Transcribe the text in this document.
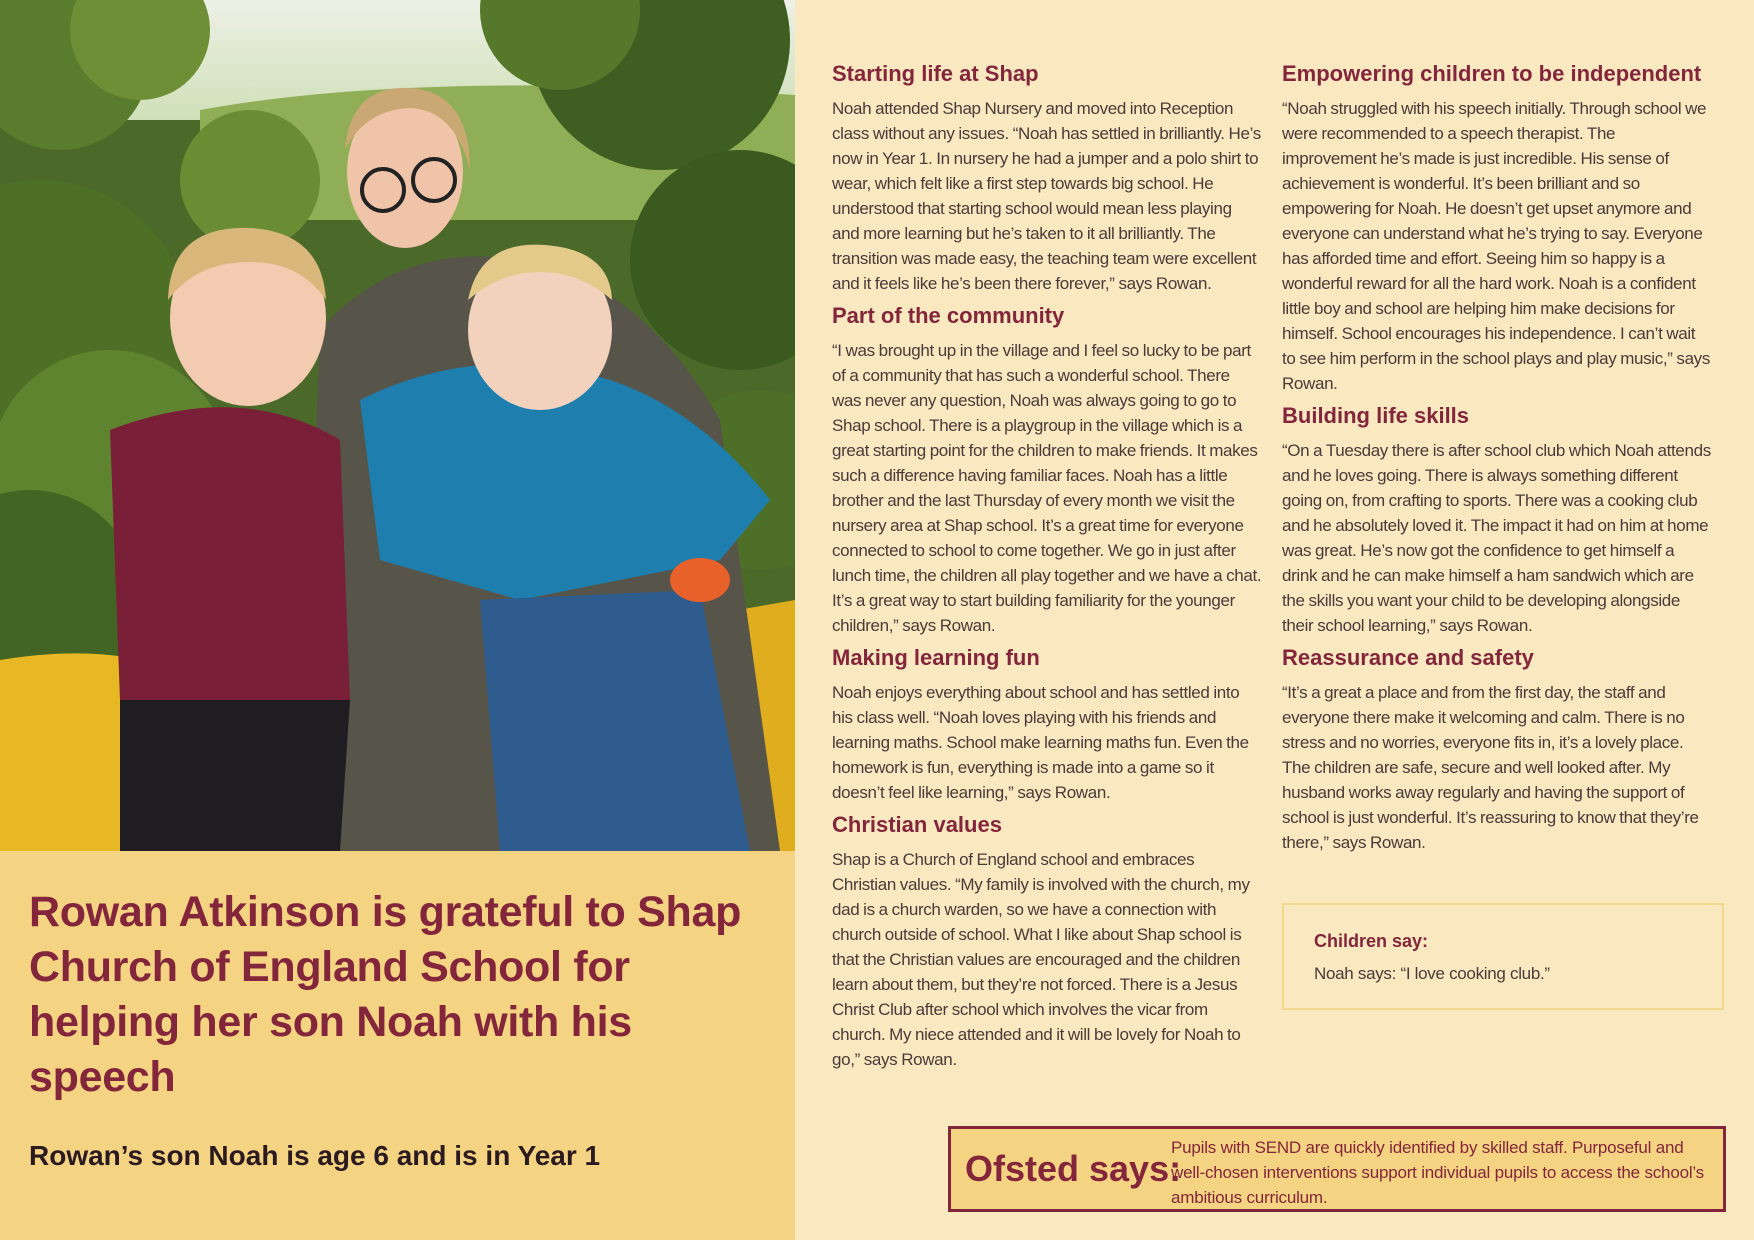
Rowan Atkinson is grateful to Shap Church of England School for helping her son Noah with his speech

Rowan’s son Noah is age 6 and is in Year 1

Starting life at Shap

Noah attended Shap Nursery and moved into Reception class without any issues. “Noah has settled in brilliantly. He’s now in Year 1. In nursery he had a jumper and a polo shirt to wear, which felt like a first step towards big school. He understood that starting school would mean less playing and more learning but he’s taken to it all brilliantly. The transition was made easy, the teaching team were excellent and it feels like he’s been there forever,” says Rowan.

Part of the community

“I was brought up in the village and I feel so lucky to be part of a community that has such a wonderful school. There was never any question, Noah was always going to go to Shap school. There is a playgroup in the village which is a great starting point for the children to make friends. It makes such a difference having familiar faces. Noah has a little brother and the last Thursday of every month we visit the nursery area at Shap school. It’s a great time for everyone connected to school to come together. We go in just after lunch time, the children all play together and we have a chat. It’s a great way to start building familiarity for the younger children,” says Rowan.

Making learning fun

Noah enjoys everything about school and has settled into his class well. “Noah loves playing with his friends and learning maths. School make learning maths fun. Even the homework is fun, everything is made into a game so it doesn’t feel like learning,” says Rowan.

Christian values

Shap is a Church of England school and embraces Christian values. “My family is involved with the church, my dad is a church warden, so we have a connection with church outside of school. What I like about Shap school is that the Christian values are encouraged and the children learn about them, but they’re not forced. There is a Jesus Christ Club after school which involves the vicar from church. My niece attended and it will be lovely for Noah to go,” says Rowan.

Empowering children to be independent

“Noah struggled with his speech initially. Through school we were recommended to a speech therapist. The improvement he’s made is just incredible. His sense of achievement is wonderful. It’s been brilliant and so empowering for Noah. He doesn’t get upset anymore and everyone can understand what he’s trying to say. Everyone has afforded time and effort. Seeing him so happy is a wonderful reward for all the hard work. Noah is a confident little boy and school are helping him make decisions for himself. School encourages his independence. I can’t wait to see him perform in the school plays and play music,” says Rowan.

Building life skills

“On a Tuesday there is after school club which Noah attends and he loves going. There is always something different going on, from crafting to sports. There was a cooking club and he absolutely loved it. The impact it had on him at home was great. He’s now got the confidence to get himself a drink and he can make himself a ham sandwich which are the skills you want your child to be developing alongside their school learning,” says Rowan.

Reassurance and safety

“It’s a great a place and from the first day, the staff and everyone there make it welcoming and calm. There is no stress and no worries, everyone fits in, it’s a lovely place. The children are safe, secure and well looked after. My husband works away regularly and having the support of school is just wonderful. It’s reassuring to know that they’re there,” says Rowan.

Children say:

Noah says: “I love cooking club.”

Ofsted says:

Pupils with SEND are quickly identified by skilled staff. Purposeful and well-chosen interventions support individual pupils to access the school’s ambitious curriculum.
